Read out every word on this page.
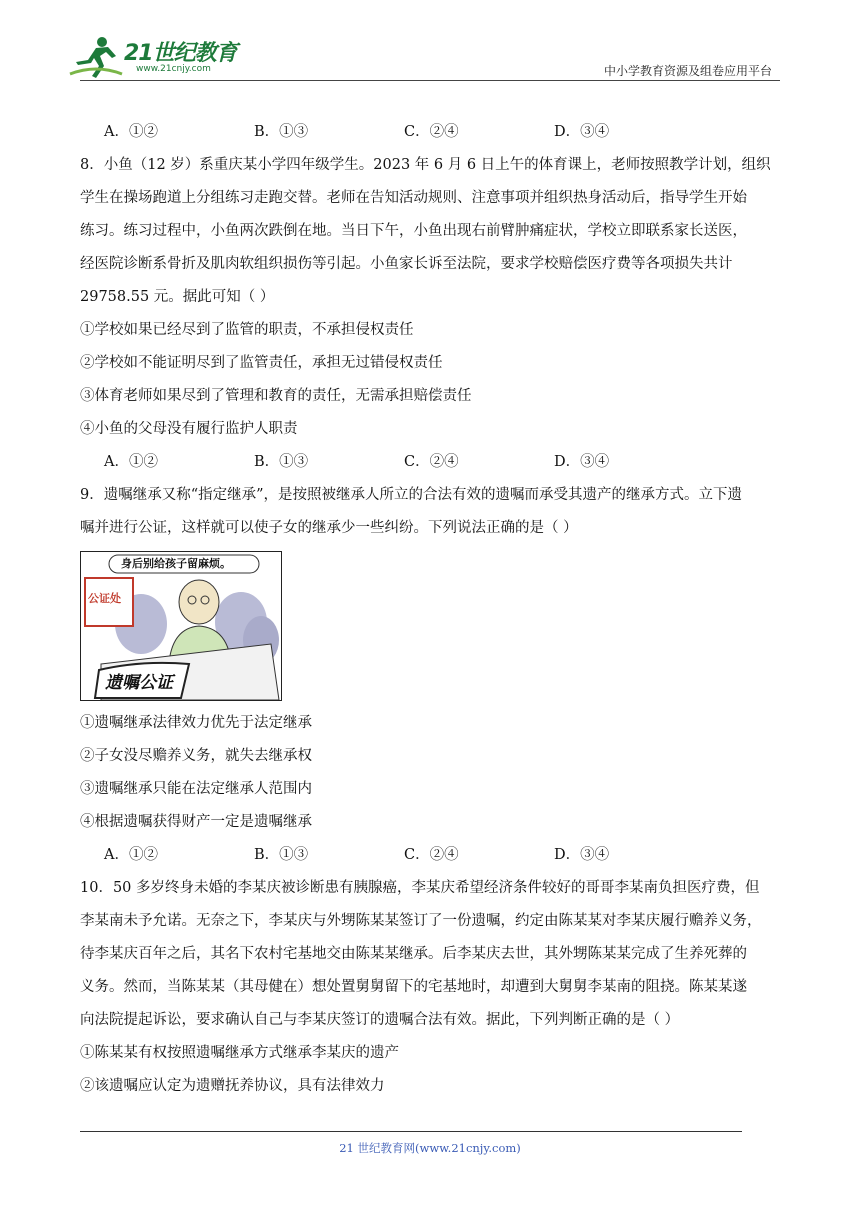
21世纪教育
www.21cnjy.com	中小学教育资源及组卷应用平台
A．①②	B．①③	C．②④	D．③④

8．小鱼（12 岁）系重庆某小学四年级学生。2023 年 6 月 6 日上午的体育课上，老师按照教学计划，组织

学生在操场跑道上分组练习走跑交替。老师在告知活动规则、注意事项并组织热身活动后，指导学生开始

练习。练习过程中，小鱼两次跌倒在地。当日下午，小鱼出现右前臂肿痛症状，学校立即联系家长送医，

经医院诊断系骨折及肌肉软组织损伤等引起。小鱼家长诉至法院，要求学校赔偿医疗费等各项损失共计

29758.55 元。据此可知（ ）

①学校如果已经尽到了监管的职责，不承担侵权责任

②学校如不能证明尽到了监管责任，承担无过错侵权责任

③体育老师如果尽到了管理和教育的责任，无需承担赔偿责任

④小鱼的父母没有履行监护人职责

A．①②	B．①③	C．②④	D．③④

9．遗嘱继承又称“指定继承”，是按照被继承人所立的合法有效的遗嘱而承受其遗产的继承方式。立下遗

嘱并进行公证，这样就可以使子女的继承少一些纠纷。下列说法正确的是（ ）

身后别给孩子留麻烦。
公证处
遗嘱公证

①遗嘱继承法律效力优先于法定继承

②子女没尽赡养义务，就失去继承权

③遗嘱继承只能在法定继承人范围内

④根据遗嘱获得财产一定是遗嘱继承

A．①②	B．①③	C．②④	D．③④

10．50 多岁终身未婚的李某庆被诊断患有胰腺癌，李某庆希望经济条件较好的哥哥李某南负担医疗费，但

李某南未予允诺。无奈之下，李某庆与外甥陈某某签订了一份遗嘱，约定由陈某某对李某庆履行赡养义务，

待李某庆百年之后，其名下农村宅基地交由陈某某继承。后李某庆去世，其外甥陈某某完成了生养死葬的

义务。然而，当陈某某（其母健在）想处置舅舅留下的宅基地时，却遭到大舅舅李某南的阻挠。陈某某遂

向法院提起诉讼，要求确认自己与李某庆签订的遗嘱合法有效。据此，下列判断正确的是（ ）

①陈某某有权按照遗嘱继承方式继承李某庆的遗产

②该遗嘱应认定为遗赠抚养协议，具有法律效力

21 世纪教育网(www.21cnjy.com)
